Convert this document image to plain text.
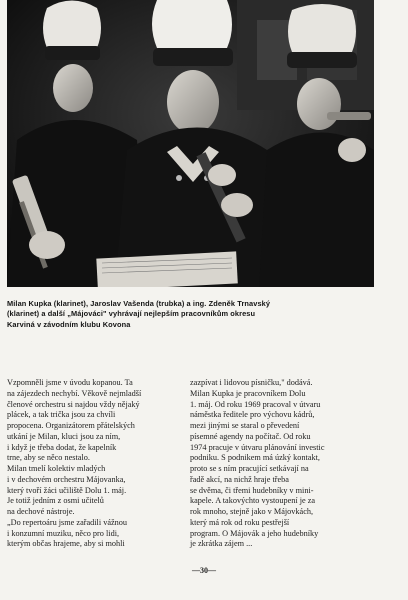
Milan Kupka (klarinet), Jaroslav Vašenda (trubka) a ing. Zdeněk Trnavský
(klarinet) a další „Májováci" vyhrávají nejlepším pracovníkům okresu
Karviná v závodním klubu Kovona
Vzpomněli jsme v úvodu kopanou. Ta
na zájezdech nechybí. Věkově nejmladší
členové orchestru si najdou vždy nějaký
plácek, a tak trička jsou za chvíli
propocena. Organizátorem přátelských
utkání je Milan, kluci jsou za ním,
i když je třeba dodat, že kapelník
trne, aby se něco nestalo.
Milan tmelí kolektiv mladých
i v dechovém orchestru Májovanka,
který tvoří žáci učiliště Dolu 1. máj.
Je totiž jedním z osmi učitelů
na dechové nástroje.
„Do repertoáru jsme zařadili vážnou
i konzumní muziku, něco pro lidi,
kterým občas hrajeme, aby si mohli
zazpívat i lidovou písničku," dodává.
Milan Kupka je pracovníkem Dolu
1. máj. Od roku 1969 pracoval v útvaru
náměstka ředitele pro výchovu kádrů,
mezi jinými se staral o převedení
písemné agendy na počítač. Od roku
1974 pracuje v útvaru plánování investic
podniku. S podnikem má úzký kontakt,
proto se s ním pracující setkávají na
řadě akcí, na nichž hraje třeba
se dvěma, či třemi hudebníky v mini-
kapele. A takovýchto vystoupení je za
rok mnoho, stejně jako v Májovkách,
který má rok od roku pestřejší
program. O Májovák a jeho hudebníky
je zkrátka zájem ...
—30—
